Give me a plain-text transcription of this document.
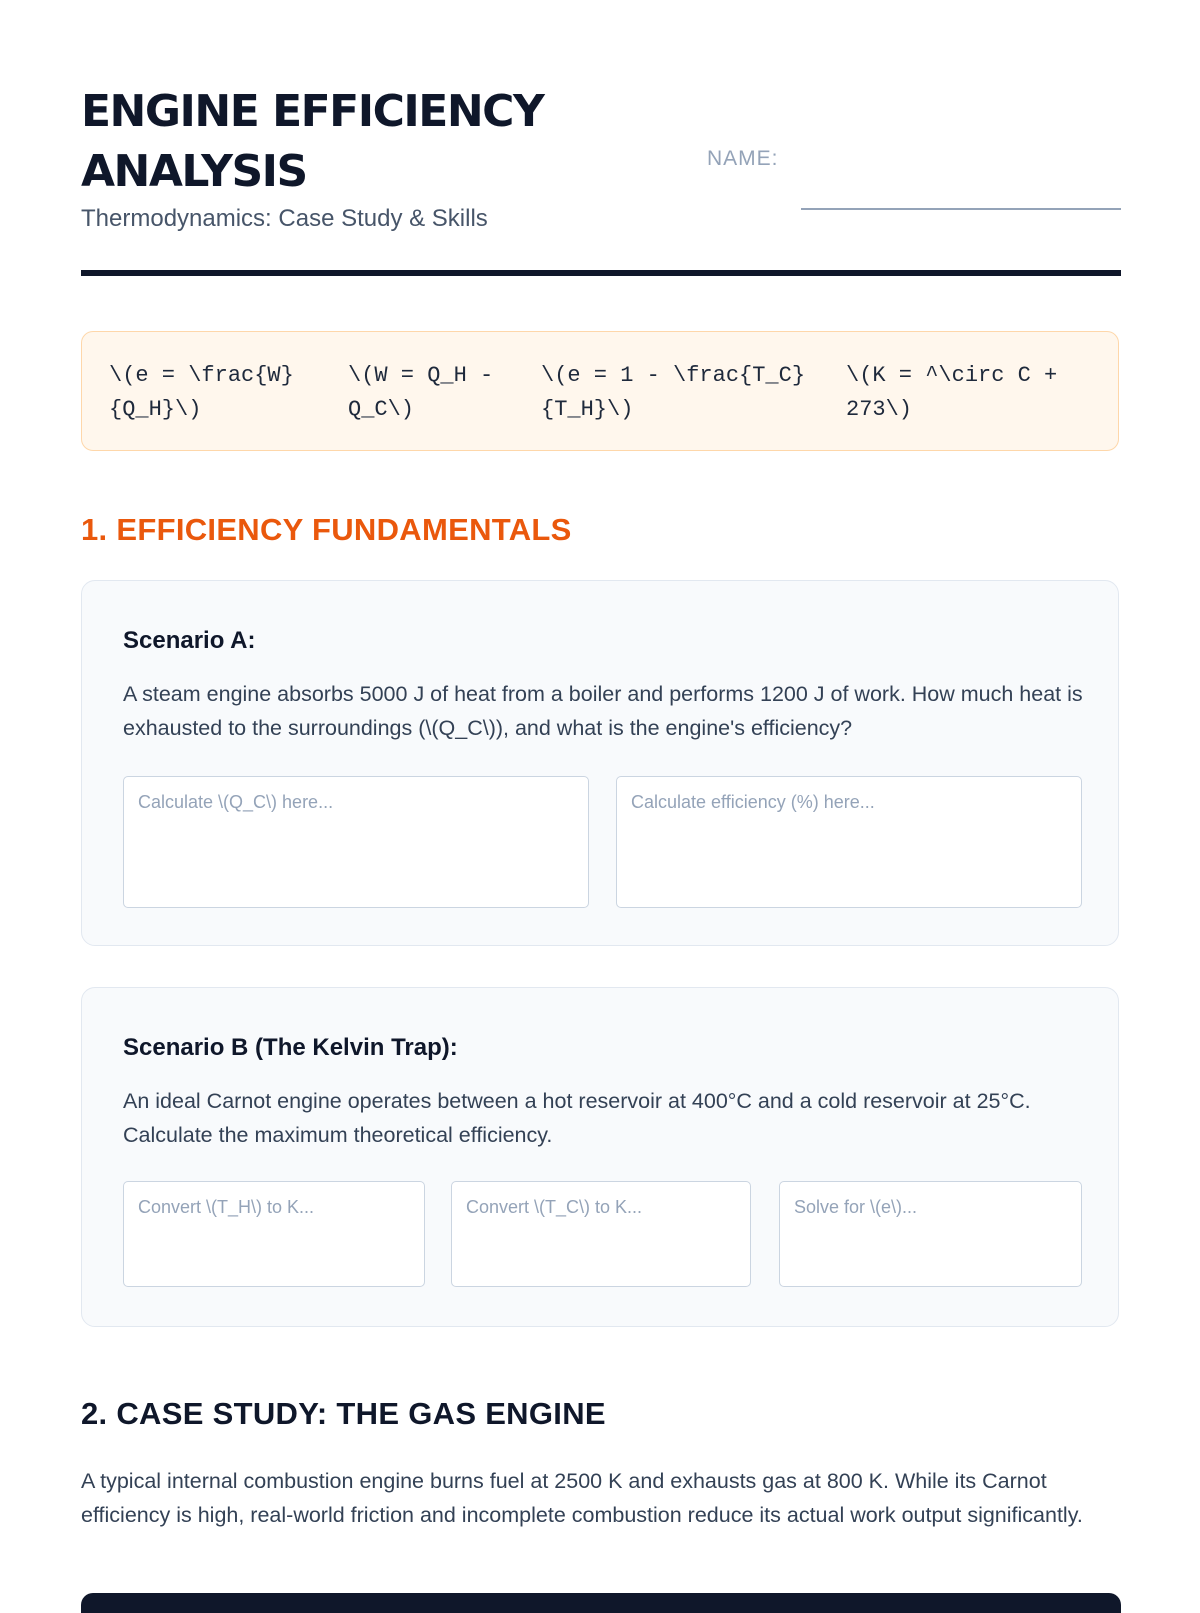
ENGINE EFFICIENCY
ANALYSIS
Thermodynamics: Case Study & Skills
NAME:
\(e = \frac{W}
{Q_H}\)
\(W = Q_H -
Q_C\)
\(e = 1 - \frac{T_C}
{T_H}\)
\(K = ^\circ C +
273\)
1. EFFICIENCY FUNDAMENTALS
Scenario A:

A steam engine absorbs 5000 J of heat from a boiler and performs 1200 J of work. How much heat is exhausted to the surroundings (\(Q_C\)), and what is the engine's efficiency?

Calculate \(Q_C\) here...
Calculate efficiency (%) here...
Scenario B (The Kelvin Trap):

An ideal Carnot engine operates between a hot reservoir at 400°C and a cold reservoir at 25°C. Calculate the maximum theoretical efficiency.

Convert \(T_H\) to K...
Convert \(T_C\) to K...
Solve for \(e\)...
2. CASE STUDY: THE GAS ENGINE

A typical internal combustion engine burns fuel at 2500 K and exhausts gas at 800 K. While its Carnot efficiency is high, real-world friction and incomplete combustion reduce its actual work output significantly.
